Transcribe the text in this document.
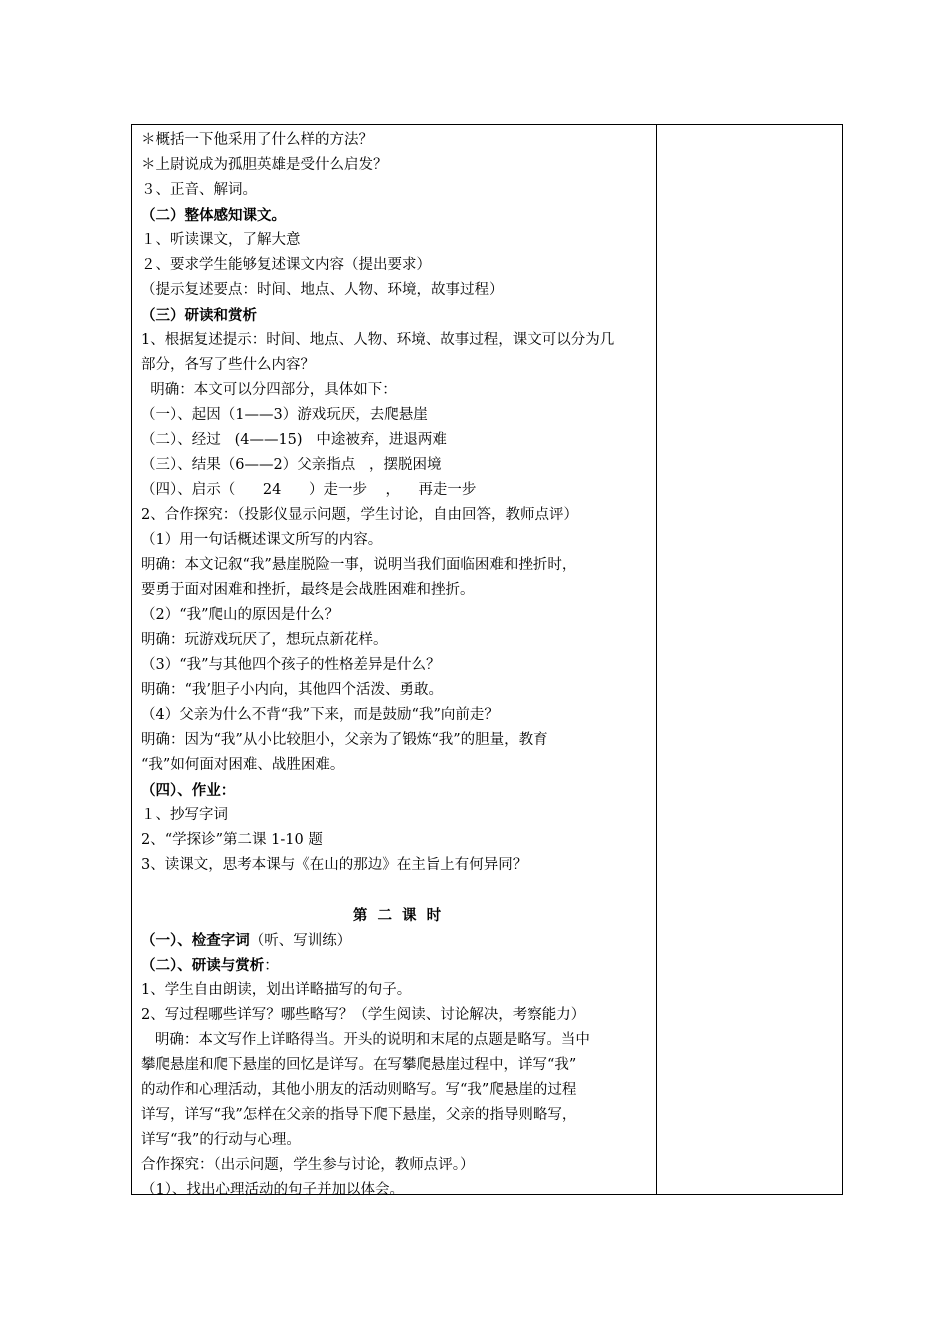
＊概括一下他采用了什么样的方法？
＊上尉说成为孤胆英雄是受什么启发？
３、正音、解词。
（二）整体感知课文。
１、听读课文，了解大意
２、要求学生能够复述课文内容（提出要求）
（提示复述要点：时间、地点、人物、环境，故事过程）
（三）研读和赏析
1、根据复述提示：时间、地点、人物、环境、故事过程，课文可以分为几
部分，各写了些什么内容？
明确：本文可以分四部分，具体如下：
（一）、起因（1——3）游戏玩厌，去爬悬崖
（二）、经过   (4——15)   中途被弃，进退两难
（三）、结果（6——2）父亲指点   ，摆脱困境
（四）、启示（      24      ）走一步    ，    再走一步
2、合作探究：（投影仪显示问题，学生讨论，自由回答，教师点评）
（1）用一句话概述课文所写的内容。
明确：本文记叙“我”悬崖脱险一事，说明当我们面临困难和挫折时，
要勇于面对困难和挫折，最终是会战胜困难和挫折。
（2）“我”爬山的原因是什么？
明确：玩游戏玩厌了，想玩点新花样。
（3）“我”与其他四个孩子的性格差异是什么？
明确：“我’胆子小内向，其他四个活泼、勇敢。
（4）父亲为什么不背“我”下来，而是鼓励“我”向前走？
明确：因为“我”从小比较胆小，父亲为了锻炼“我”的胆量，教育
“我”如何面对困难、战胜困难。
（四）、作业：
１、抄写字词
2、“学探诊”第二课 1-10 题
3、读课文，思考本课与《在山的那边》在主旨上有何异同？
第  二  课  时
（一）、检查字词（听、写训练）
（二）、研读与赏析：
1、学生自由朗读，划出详略描写的句子。
2、写过程哪些详写？哪些略写？（学生阅读、讨论解决，考察能力）
明确：本文写作上详略得当。开头的说明和末尾的点题是略写。当中
攀爬悬崖和爬下悬崖的回忆是详写。在写攀爬悬崖过程中，详写“我”
的动作和心理活动，其他小朋友的活动则略写。写“我”爬悬崖的过程
详写，详写“我”怎样在父亲的指导下爬下悬崖，父亲的指导则略写，
详写“我”的行动与心理。
合作探究：（出示问题，学生参与讨论，教师点评。）
（1）、找出心理活动的句子并加以体会。
